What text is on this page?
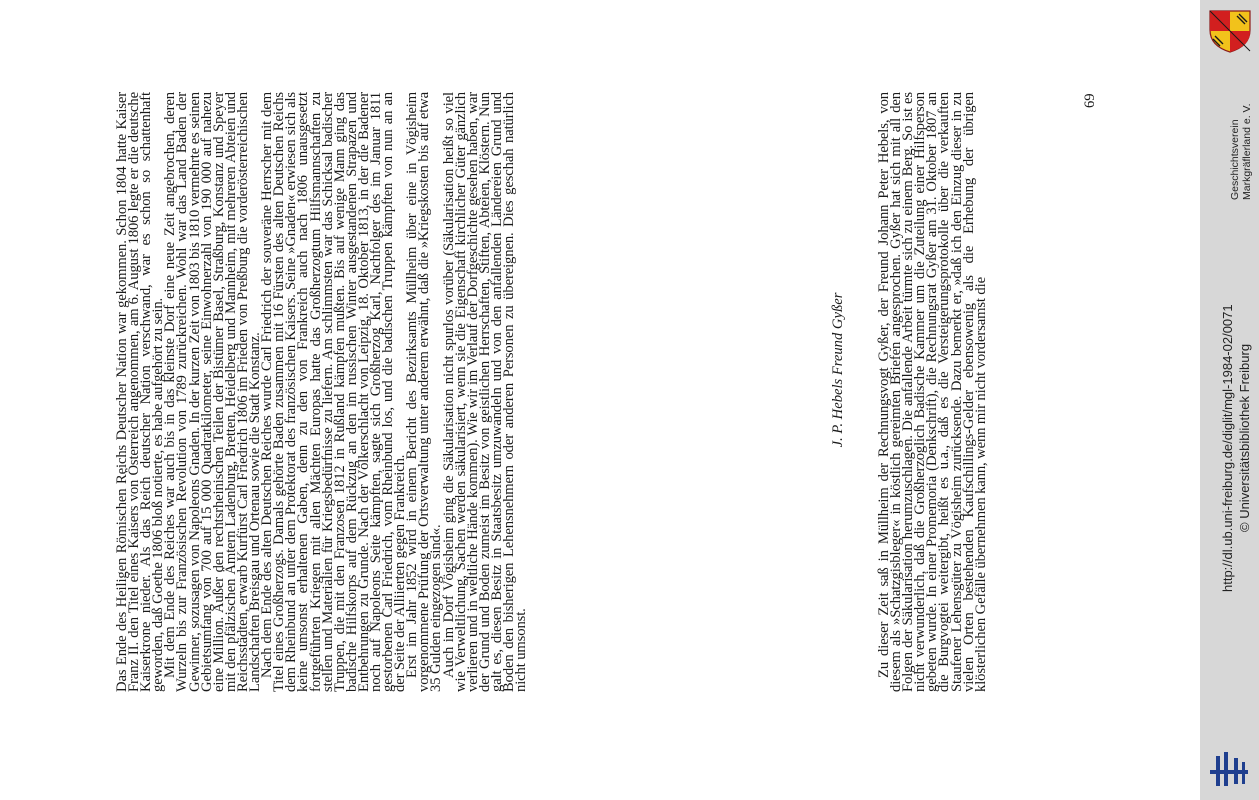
Das Ende des Heiligen Römischen Reichs Deutscher Nation war gekommen. Schon 1804 hatte Kaiser Franz II. den Titel eines Kaisers von Österreich angenommen, am 6. August 1806 legte er die deutsche Kaiserkrone nieder. Als das Reich deutscher Nation verschwand, war es schon so schattenhaft geworden, daß Goethe 1806 bloß notierte, es habe aufgehört zu sein.

Mit dem Ende des Reiches war auch bis in das kleinste Dorf eine neue Zeit angebrochen, deren Wurzeln bis zur Französischen Revolution von 1789 zurückreichen. Wohl war das Land Baden der Gewinner, sozusagen von Napoleons Gnaden. In der kurzen Zeit von 1803 bis 1810 vermehrte es seinen Gebietsumfang von 700 auf 15 000 Quadratkilometer, seine Einwohnerzahl von 190 000 auf nahezu eine Million. Außer den rechtsrheinischen Teilen der Bistümer Basel, Straßburg, Konstanz und Speyer mit den pfälzischen Ämtern Ladenburg, Bretten, Heidelberg und Mannheim, mit mehreren Abteien und Reichsstädten, erwarb Kurfürst Carl Friedrich 1806 im Frieden von Preßburg die vorderösterreichischen Landschaften Breisgau und Ortenau sowie die Stadt Konstanz.

Nach dem Ende des alten Deutschen Reiches wurde Carl Friedrich der souveräne Herrscher mit dem Titel eines Großherzogs. Damals gehörte Baden zusammen mit 16 Fürsten des alten Deutschen Reichs dem Rheinbund an unter dem Protektorat des französischen Kaisers. Seine »Gnaden« erwiesen sich als keine umsonst erhaltenen Gaben, denn zu den von Frankreich auch nach 1806 unausgesetzt fortgeführten Kriegen mit allen Mächten Europas hatte das Großherzogtum Hilfsmannschaften zu stellen und Materialien für Kriegsbedürfnisse zu liefern. Am schlimmsten war das Schicksal badischer Truppen, die mit den Franzosen 1812 in Rußland kämpfen mußten. Bis auf wenige Mann ging das badische Hilfskorps auf dem Rückzug an den im russischen Winter ausgestandenen Strapazen und Entbehrungen zu Grunde. Nach der Völkerschlacht von Leipzig, 18. Oktober 1813, in der die Badener noch auf Napoleons Seite kämpften, sagte sich Großherzog Karl, Nachfolger des im Januar 1811 gestorbenen Carl Friedrich, vom Rheinbund los, und die badischen Truppen kämpften von nun an an der Seite der Alliierten gegen Frankreich.

Erst im Jahr 1852 wird in einem Bericht des Bezirksamts Müllheim über eine in Vögisheim vorgenommene Prüfung der Ortsverwaltung unter anderem erwähnt, daß die »Kriegskosten bis auf etwa 35 Gulden eingezogen sind«.

Auch im Dorf Vögisheim ging die Säkularisation nicht spurlos vorüber (Säkularisation heißt so viel wie Verweltlichung, Sachen werden säkularisiert, wenn sie die Eigenschaft kirchlicher Güter gänzlich verlieren und in weltliche Hände kommen). Wie wir im Verlauf der Dorfgeschichte gesehen haben, war der Grund und Boden zumeist im Besitz von geistlichen Herrschaften, Stiften, Abteien, Klöstern. Nun galt es, diesen Besitz in Staatsbesitz umzuwandeln und von den anfallenden Ländereien Grund und Boden den bisherigen Lehensnehmern oder anderen Personen zu übereignen. Dies geschah natürlich nicht umsonst.

J. P. Hebels Freund Gyßer Zu dieser Zeit saß in Müllheim der Rechnungsvogt Gyßer, der Freund Johann Peter Hebels, von diesem als »Schatzgisbleger« in köstlich gereimten Briefen angesprochen. Gyßer hat sich mit all den Folgen der Säkularisation herumzuschlagen. Die anfallende Arbeit türmte sich zu einem Berg. So ist es nicht verwunderlich, daß die Großherzoglich Badische Kammer um die Zuteilung einer Hilfsperson gebeten wurde. In einer Promemoria (Denkschrift), die Rechnungsrat Gyßer am 31. Oktober 1807 an die Burgvogtei weitergibt, heißt es u.a., daß es die Versteigerungsprotokolle über die verkauften Staufener Lehensgüter zu Vögisheim zurücksende. Dazu bemerkt er, »daß ich den Einzug dieser in zu vielen Orten bestehenden Kaufschillings-Gelder ebensowenig als die Erhebung der übrigen klösterlichen Gefälle übernehmen kann, wenn mir nicht vordersamst die

69
Geschichtsverein Markgräflerland e. V.
http://dl.ub.uni-freiburg.de/diglit/mgl-1984-02/0071 © Universitätsbibliothek Freiburg
